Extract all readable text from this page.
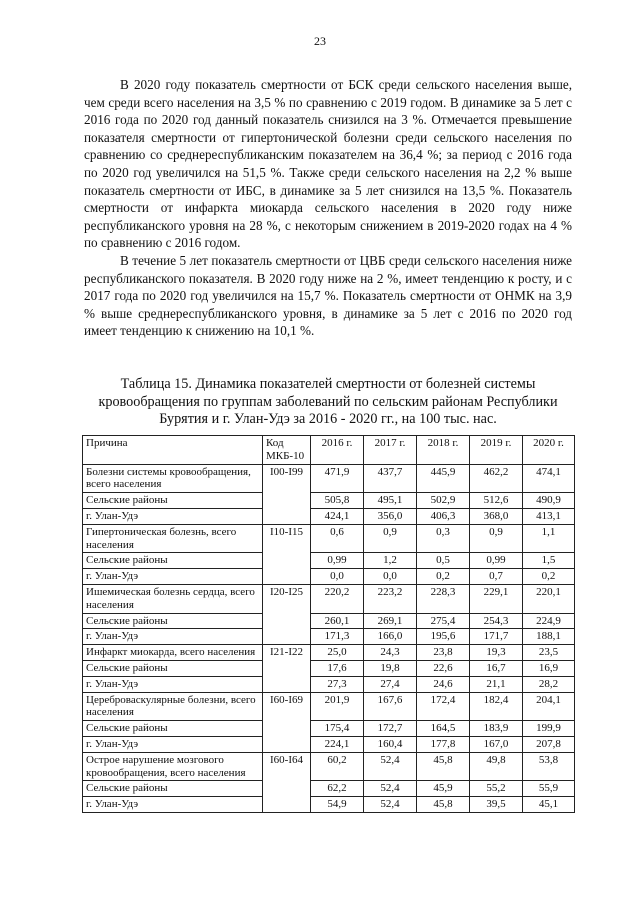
23

В 2020 году показатель смертности от БСК среди сельского населения выше, чем среди всего населения на 3,5 % по сравнению с 2019 годом. В динамике за 5 лет с 2016 года по 2020 год данный показатель снизился на 3 %. Отмечается превышение показателя смертности от гипертонической болезни среди сельского населения по сравнению со среднереспубликанским показателем на 36,4 %; за период с 2016 года по 2020 год увеличился на 51,5 %. Также среди сельского населения на 2,2 % выше показатель смертности от ИБС, в динамике за 5 лет снизился на 13,5 %. Показатель смертности от инфаркта миокарда сельского населения в 2020 году ниже республиканского уровня на 28 %, с некоторым снижением в 2019-2020 годах на 4 % по сравнению с 2016 годом.

В течение 5 лет показатель смертности от ЦВБ среди сельского населения ниже республиканского показателя. В 2020 году ниже на 2 %, имеет тенденцию к росту, и с 2017 года по 2020 год увеличился на 15,7 %. Показатель смертности от ОНМК на 3,9 % выше среднереспубликанского уровня, в динамике за 5 лет с 2016 по 2020 год имеет тенденцию к снижению на 10,1 %.

Таблица 15. Динамика показателей смертности от болезней системы кровообращения по группам заболеваний по сельским районам Республики Бурятия и г. Улан-Удэ за 2016 - 2020 гг., на 100 тыс. нас.
Причина	Код МКБ-10	2016 г.	2017 г.	2018 г.	2019 г.	2020 г.
Болезни системы кровообращения, всего населения	I00-I99	471,9	437,7	445,9	462,2	474,1
Сельские районы		505,8	495,1	502,9	512,6	490,9
г. Улан-Удэ		424,1	356,0	406,3	368,0	413,1
Гипертоническая болезнь, всего населения	I10-I15	0,6	0,9	0,3	0,9	1,1
Сельские районы		0,99	1,2	0,5	0,99	1,5
г. Улан-Удэ		0,0	0,0	0,2	0,7	0,2
Ишемическая болезнь сердца, всего населения	I20-I25	220,2	223,2	228,3	229,1	220,1
Сельские районы		260,1	269,1	275,4	254,3	224,9
г. Улан-Удэ		171,3	166,0	195,6	171,7	188,1
Инфаркт миокарда, всего населения	I21-I22	25,0	24,3	23,8	19,3	23,5
Сельские районы		17,6	19,8	22,6	16,7	16,9
г. Улан-Удэ		27,3	27,4	24,6	21,1	28,2
Цереброваскулярные болезни, всего населения	I60-I69	201,9	167,6	172,4	182,4	204,1
Сельские районы		175,4	172,7	164,5	183,9	199,9
г. Улан-Удэ		224,1	160,4	177,8	167,0	207,8
Острое нарушение мозгового кровообращения, всего населения	I60-I64	60,2	52,4	45,8	49,8	53,8
Сельские районы		62,2	52,4	45,9	55,2	55,9
г. Улан-Удэ		54,9	52,4	45,8	39,5	45,1
